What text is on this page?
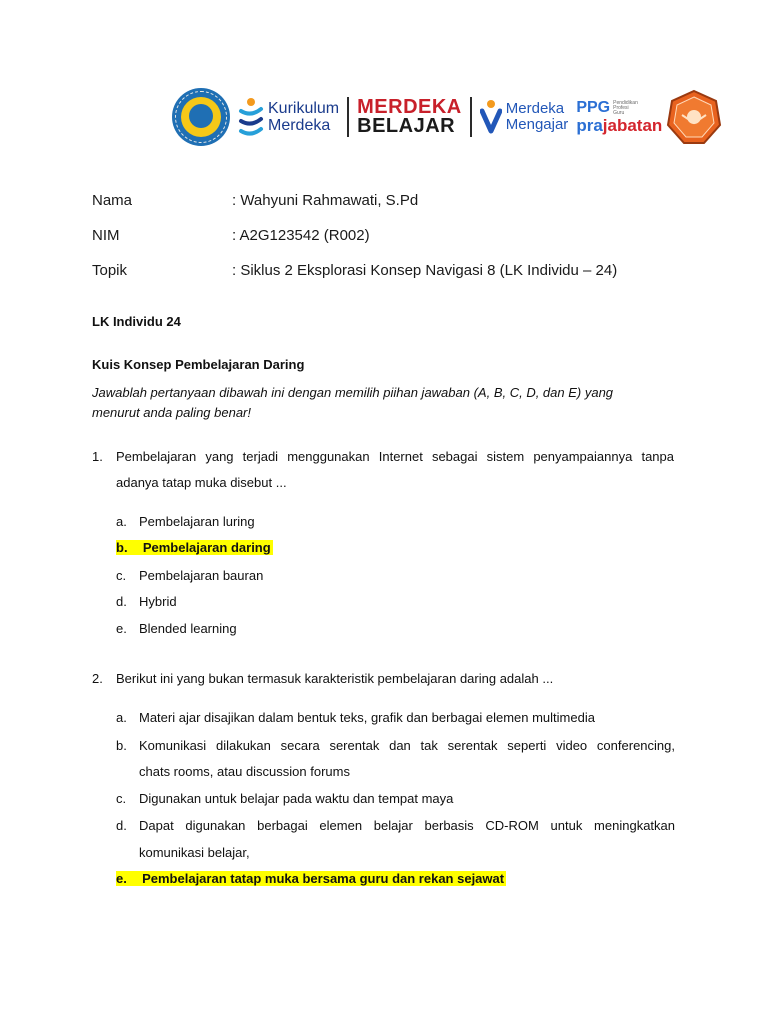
Kurikulum
Merdeka
MERDEKA
BELAJAR
Merdeka
Mengajar
PPG Pendidikan Profesi Guru
prajabatan
Nama	: Wahyuni Rahmawati, S.Pd
NIM	: A2G123542 (R002)
Topik	: Siklus 2 Eksplorasi Konsep Navigasi 8 (LK Individu – 24)
LK Individu 24
Kuis Konsep Pembelajaran Daring
Jawablah pertanyaan dibawah ini dengan memilih piihan jawaban (A, B, C, D, dan E) yang
menurut anda paling benar!
1. Pembelajaran yang terjadi menggunakan Internet sebagai sistem penyampaiannya tanpa
adanya tatap muka disebut ...
a. Pembelajaran luring
b. Pembelajaran daring
c. Pembelajaran bauran
d. Hybrid
e. Blended learning
2. Berikut ini yang bukan termasuk karakteristik pembelajaran daring adalah ...
a. Materi ajar disajikan dalam bentuk teks, grafik dan berbagai elemen multimedia
b. Komunikasi dilakukan secara serentak dan tak serentak seperti video conferencing,
chats rooms, atau discussion forums
c. Digunakan untuk belajar pada waktu dan tempat maya
d. Dapat digunakan berbagai elemen belajar berbasis CD-ROM untuk meningkatkan
komunikasi belajar,
e. Pembelajaran tatap muka bersama guru dan rekan sejawat
